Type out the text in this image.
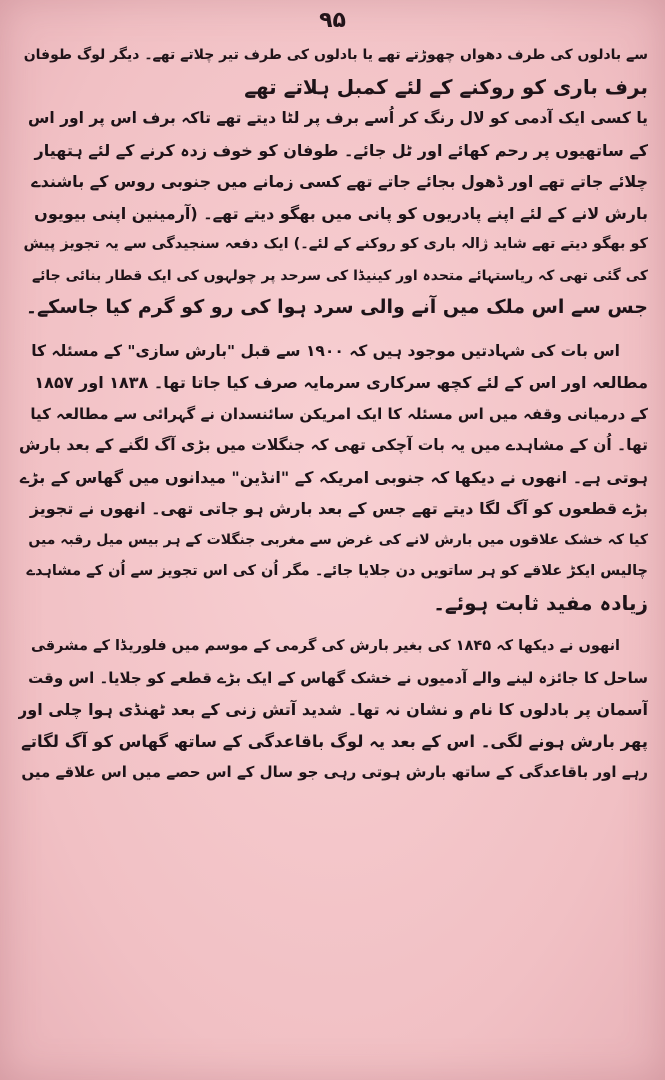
۹۵
سے بادلوں کی طرف دھواں چھوڑتے تھے یا بادلوں کی طرف تیر چلاتے تھے۔ دیگر لوگ طوفان
برف باری کو روکنے کے لئے کمبل ہلاتے تھے
یا کسی ایک آدمی کو لال رنگ کر اُسے برف پر لٹا دیتے تھے تاکہ برف اس پر اور اس
کے ساتھیوں پر رحم کھائے اور ٹل جائے۔ طوفان کو خوف زدہ کرنے کے لئے ہتھیار
چلائے جاتے تھے اور ڈھول بجائے جاتے تھے کسی زمانے میں جنوبی روس کے باشندے
بارش لانے کے لئے اپنے پادریوں کو پانی میں بھگو دیتے تھے۔ (آرمینین اپنی بیویوں
کو بھگو دیتے تھے شاید ژالہ باری کو روکنے کے لئے۔) ایک دفعہ سنجیدگی سے یہ تجویز پیش
کی گئی تھی کہ ریاستہائے متحدہ اور کینیڈا کی سرحد پر چولہوں کی ایک قطار بنائی جائے
جس سے اس ملک میں آنے والی سرد ہوا کی رو کو گرم کیا جاسکے۔
اس بات کی شہادتیں موجود ہیں کہ ۱۹۰۰ سے قبل "بارش سازی" کے مسئلہ کا
مطالعہ اور اس کے لئے کچھ سرکاری سرمایہ صرف کیا جاتا تھا۔ ۱۸۳۸ اور ۱۸۵۷
کے درمیانی وقفہ میں اس مسئلہ کا ایک امریکن سائنسدان نے گہرائی سے مطالعہ کیا
تھا۔ اُن کے مشاہدے میں یہ بات آچکی تھی کہ جنگلات میں بڑی آگ لگنے کے بعد بارش
ہوتی ہے۔ انھوں نے دیکھا کہ جنوبی امریکہ کے "انڈین" میدانوں میں گھاس کے بڑے
بڑے قطعوں کو آگ لگا دیتے تھے جس کے بعد بارش ہو جاتی تھی۔ انھوں نے تجویز
کیا کہ خشک علاقوں میں بارش لانے کی غرض سے مغربی جنگلات کے ہر بیس میل رقبہ میں
چالیس ایکڑ علاقے کو ہر ساتویں دن جلایا جائے۔ مگر اُن کی اس تجویز سے اُن کے مشاہدے
زیادہ مفید ثابت ہوئے۔
انھوں نے دیکھا کہ ۱۸۴۵ کی بغیر بارش کی گرمی کے موسم میں فلوریڈا کے مشرقی
ساحل کا جائزہ لینے والے آدمیوں نے خشک گھاس کے ایک بڑے قطعے کو جلایا۔ اس وقت
آسمان پر بادلوں کا نام و نشان نہ تھا۔ شدید آتش زنی کے بعد ٹھنڈی ہوا چلی اور
پھر بارش ہونے لگی۔ اس کے بعد یہ لوگ باقاعدگی کے ساتھ گھاس کو آگ لگاتے
رہے اور باقاعدگی کے ساتھ بارش ہوتی رہی جو سال کے اس حصے میں اس علاقے میں
